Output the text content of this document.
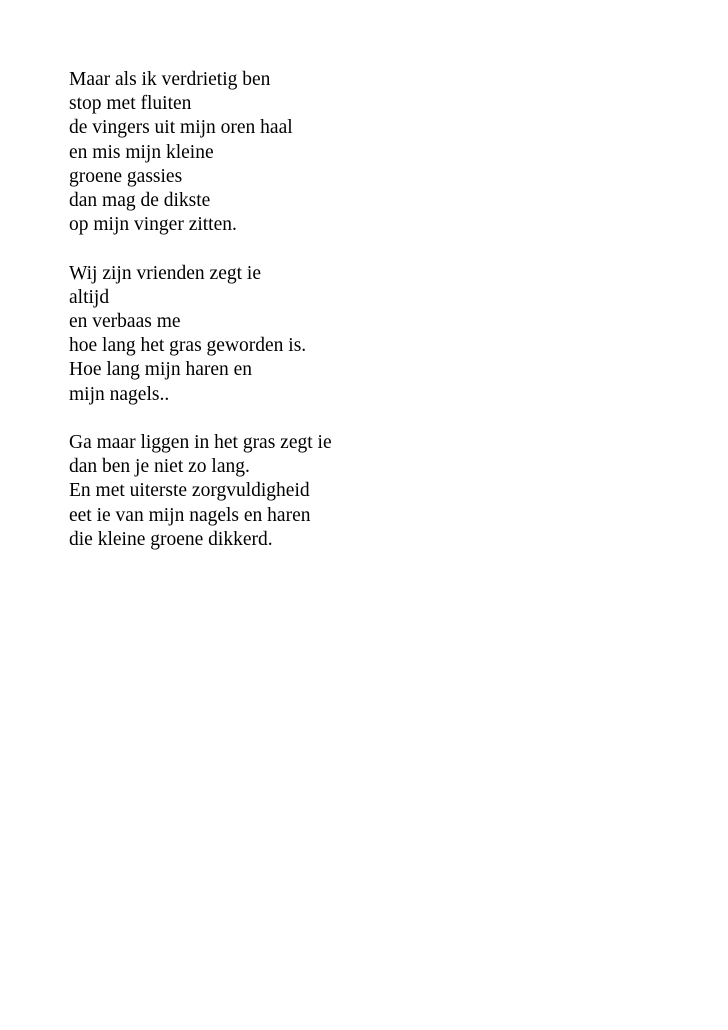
Maar als ik verdrietig ben
stop met fluiten
de vingers uit mijn oren haal
en mis mijn kleine
groene gassies
dan mag de dikste
op mijn vinger zitten.
Wij zijn vrienden zegt ie
altijd
en verbaas me
hoe lang het gras geworden is.
Hoe lang mijn haren en
mijn nagels..
Ga maar liggen in het gras zegt ie
dan ben je niet zo lang.
En met uiterste zorgvuldigheid
eet ie van mijn nagels en haren
die kleine groene dikkerd.
